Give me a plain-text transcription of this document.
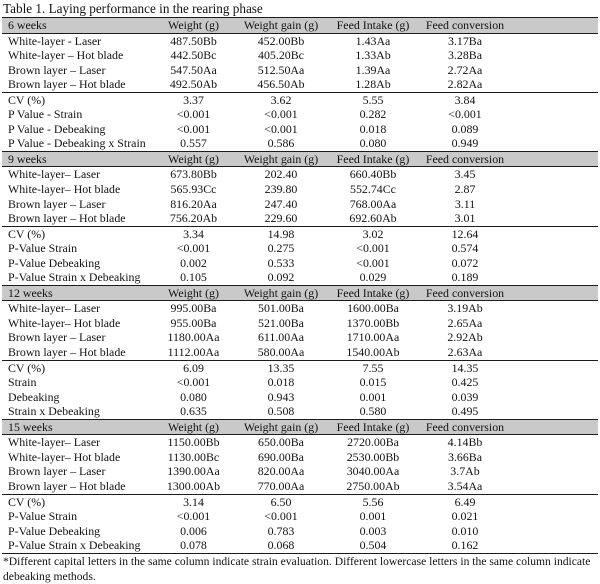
Table 1. Laying performance in the rearing phase
6 weeks	Weight (g)	Weight gain (g)	Feed Intake (g)	Feed conversion	
White-layer - Laser	487.50Bb	452.00Bb	1.43Aa	3.17Ba	
White-layer – Hot blade	442.50Bc	405.20Bc	1.33Ab	3.28Ba	
Brown layer – Laser	547.50Aa	512.50Aa	1.39Aa	2.72Aa	
Brown layer – Hot blade	492.50Ab	456.50Ab	1.28Ab	2.82Aa	
CV (%)	3.37	3.62	5.55	3.84	
P Value - Strain	<0.001	<0.001	0.282	<0.001	
P Value - Debeaking	<0.001	<0.001	0.018	0.089	
P Value - Debeaking x Strain	0.557	0.586	0.080	0.949	
9 weeks	Weight (g)	Weight gain (g)	Feed Intake (g)	Feed conversion	
White-layer– Laser	673.80Bb	202.40	660.40Bb	3.45	
White-layer– Hot blade	565.93Cc	239.80	552.74Cc	2.87	
Brown layer – Laser	816.20Aa	247.40	768.00Aa	3.11	
Brown layer – Hot blade	756.20Ab	229.60	692.60Ab	3.01	
CV (%)	3.34	14.98	3.02	12.64	
P-Value Strain	<0.001	0.275	<0.001	0.574	
P-Value Debeaking	0.002	0.533	<0.001	0.072	
P-Value Strain x Debeaking	0.105	0.092	0.029	0.189	
12 weeks	Weight (g)	Weight gain (g)	Feed Intake (g)	Feed conversion	
White-layer– Laser	995.00Ba	501.00Ba	1600.00Ba	3.19Ab	
White-layer– Hot blade	955.00Ba	521.00Ba	1370.00Bb	2.65Aa	
Brown layer – Laser	1180.00Aa	611.00Aa	1710.00Aa	2.92Ab	
Brown layer – Hot blade	1112.00Aa	580.00Aa	1540.00Ab	2.63Aa	
CV (%)	6.09	13.35	7.55	14.35	
Strain	<0.001	0.018	0.015	0.425	
Debeaking	0.080	0.943	0.001	0.039	
Strain x Debeaking	0.635	0.508	0.580	0.495	
15 weeks	Weight (g)	Weight gain (g)	Feed Intake (g)	Feed conversion	
White-layer– Laser	1150.00Bb	650.00Ba	2720.00Ba	4.14Bb	
White-layer– Hot blade	1130.00Bc	690.00Ba	2530.00Bb	3.66Ba	
Brown layer – Laser	1390.00Aa	820.00Aa	3040.00Aa	3.7Ab	
Brown layer – Hot blade	1300.00Ab	770.00Aa	2750.00Ab	3.54Aa	
CV (%)	3.14	6.50	5.56	6.49	
P-Value Strain	<0.001	<0.001	0.001	0.021	
P-Value Debeaking	0.006	0.783	0.003	0.010	
P-Value Strain x Debeaking	0.078	0.068	0.504	0.162	
*Different capital letters in the same column indicate strain evaluation. Different lowercase letters in the same column indicate debeaking methods.
